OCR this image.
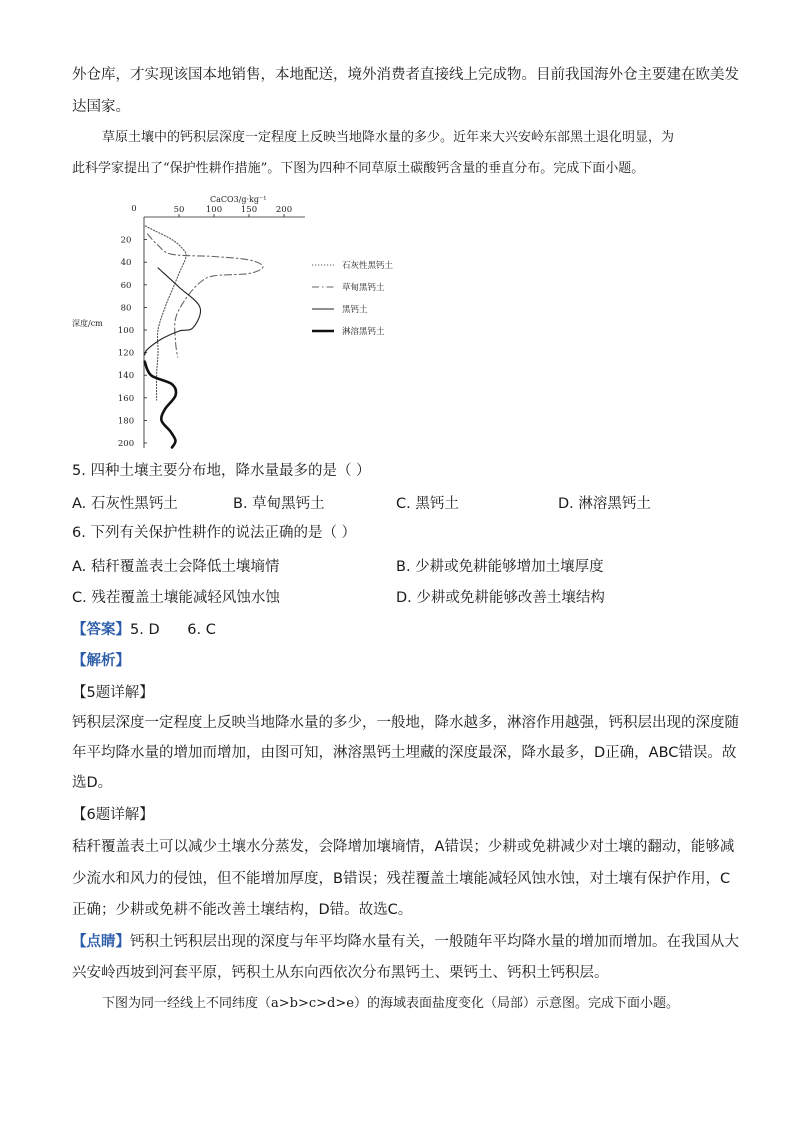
外仓库，才实现该国本地销售，本地配送，境外消费者直接线上完成物。目前我国海外仓主要建在欧美发
达国家。
草原土壤中的钙积层深度一定程度上反映当地降水量的多少。近年来大兴安岭东部黑土退化明显，为
此科学家提出了“保护性耕作措施”。下图为四种不同草原土碳酸钙含量的垂直分布。完成下面小题。
CaCO3/g·kg⁻¹
深度/cm
50	100 150 200
0
20
40
60
80
100
120
140
160
180
200
石灰性黑钙土
草甸黑钙土
黑钙土
淋溶黑钙土
5. 四种土壤主要分布地，降水量最多的是（ ）
A. 石灰性黑钙土	B. 草甸黑钙土	C. 黑钙土	D. 淋溶黑钙土
6. 下列有关保护性耕作的说法正确的是（ ）
A. 秸秆覆盖表土会降低土壤墒情	B. 少耕或免耕能够增加土壤厚度
C. 残茬覆盖土壤能减轻风蚀水蚀	D. 少耕或免耕能够改善土壤结构
【答案】5. D      6. C
【解析】
【5题详解】
钙积层深度一定程度上反映当地降水量的多少，一般地，降水越多，淋溶作用越强，钙积层出现的深度随
年平均降水量的增加而增加，由图可知，淋溶黑钙土埋藏的深度最深，降水最多，D正确，ABC错误。故
选D。
【6题详解】
秸秆覆盖表土可以减少土壤水分蒸发，会降增加壤墒情，A错误；少耕或免耕减少对土壤的翻动，能够减
少流水和风力的侵蚀，但不能增加厚度，B错误；残茬覆盖土壤能减轻风蚀水蚀，对土壤有保护作用，C
正确；少耕或免耕不能改善土壤结构，D错。故选C。
【点睛】钙积土钙积层出现的深度与年平均降水量有关，一般随年平均降水量的增加而增加。在我国从大
兴安岭西坡到河套平原，钙积土从东向西依次分布黑钙土、栗钙土、钙积土钙积层。
下图为同一经线上不同纬度（a>b>c>d>e）的海域表面盐度变化（局部）示意图。完成下面小题。
